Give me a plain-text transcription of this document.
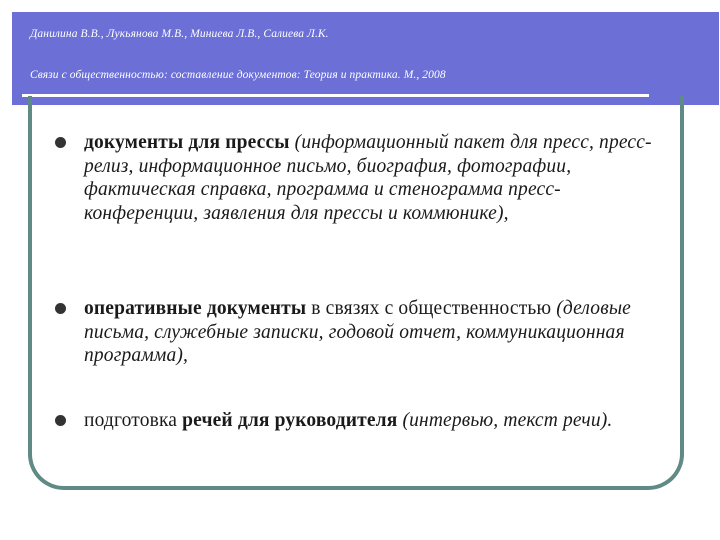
Данилина В.В., Лукьянова М.В., Миниева Л.В., Салиева Л.К.
Связи с общественностью: составление документов: Теория и практика. М., 2008
документы для прессы (информационный пакет для пресс, пресс-релиз, информационное письмо, биография, фотографии, фактическая справка, программа и стенограмма пресс-конференции, заявления для прессы и коммюнике),
оперативные документы в связях с общественностью (деловые письма, служебные записки, годовой отчет, коммуникационная программа),
подготовка речей для руководителя (интервью, текст речи).
